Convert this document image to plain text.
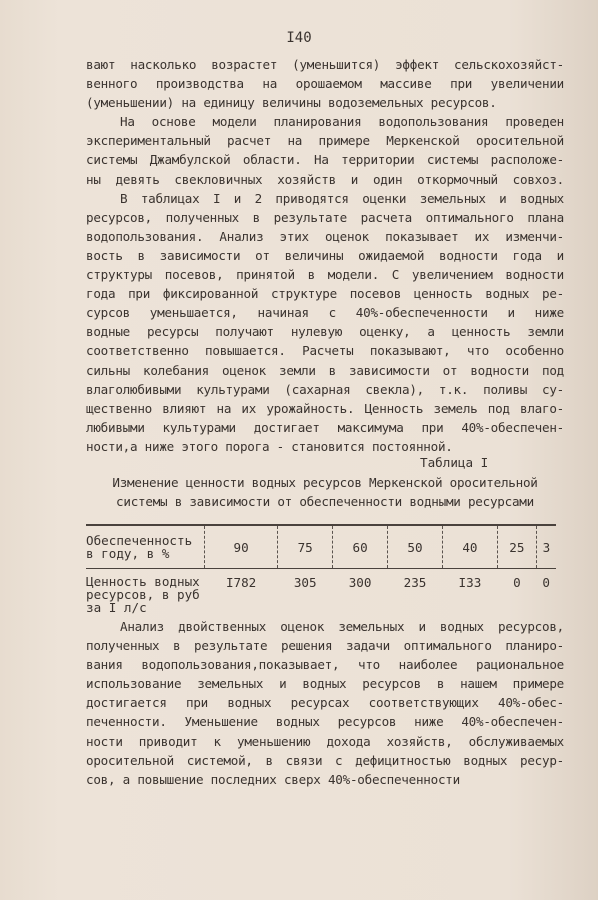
I40
вают насколько возрастет (уменьшится) эффект сельскохозяйст-
венного производства на орошаемом массиве при увеличении
(уменьшении) на единицу величины водоземельных ресурсов.
На основе модели планирования водопользования проведен
экспериментальный расчет на примере Меркенской оросительной
системы Джамбулской области. На территории системы расположе-
ны девять свекловичных хозяйств и один откормочный совхоз.
В таблицах I и 2 приводятся оценки земельных и водных
ресурсов, полученных в результате расчета оптимального плана
водопользования. Анализ этих оценок показывает их изменчи-
вость в зависимости от величины ожидаемой водности года и
структуры посевов, принятой в модели. С увеличением водности
года при фиксированной структуре посевов ценность водных ре-
сурсов уменьшается, начиная с 40%-обеспеченности и ниже
водные ресурсы получают нулевую оценку, а ценность земли
соответственно повышается. Расчеты показывают, что особенно
сильны колебания оценок земли в зависимости от водности под
влаголюбивыми культурами (сахарная свекла), т.к. поливы су-
щественно влияют на их урожайность. Ценность земель под влаго-
любивыми культурами достигает максимума при 40%-обеспечен-
ности,а ниже этого порога - становится постоянной.
Таблица I
Изменение ценности водных ресурсов Меркенской оросительной
системы в зависимости от обеспеченности водными ресурсами
Обеспеченность
в году, в %	90	75	60	50	40	25	3

Ценность водных
ресурсов, в руб
за I л/с	I782	305	300	235	I33	0	0
Анализ двойственных оценок земельных и водных ресурсов,
полученных в результате решения задачи оптимального планиро-
вания водопользования,показывает, что наиболее рациональное
использование земельных и водных ресурсов в нашем примере
достигается при водных ресурсах соответствующих 40%-обес-
печенности. Уменьшение водных ресурсов ниже 40%-обеспечен-
ности приводит к уменьшению дохода хозяйств, обслуживаемых
оросительной системой, в связи с дефицитностью водных ресур-
сов, а повышение последних сверх 40%-обеспеченности
